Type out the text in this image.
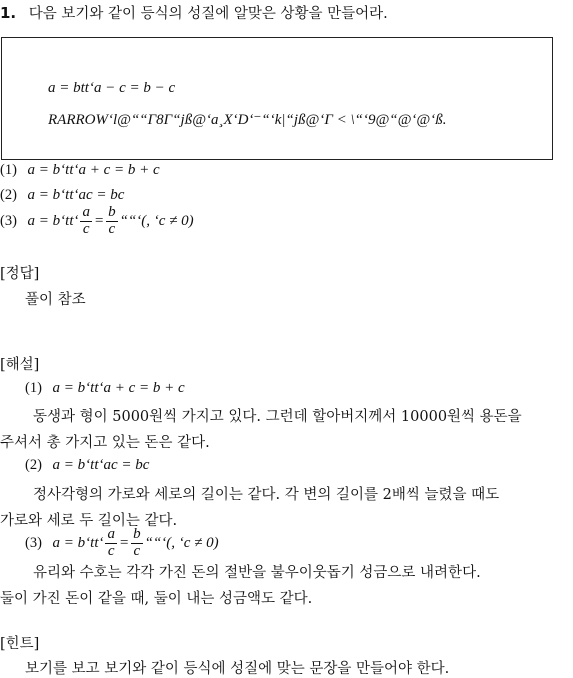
1. 다음 보기와 같이 등식의 성질에 알맞은 상황을 만들어라.
a = btt‘a − c = b − c
RARROW‘l@““Γ8Γ“jß@‘a¸X‘D‘⁻“‘k|“jß@‘Γ < \“‘9@“@‘@‘ß.
(1) a = b‘tt‘a + c = b + c
(2) a = b‘tt‘ac = bc
(3) a = b‘tt‘ $\frac{a}{c} = \frac{b}{c}$ ““‘(, ‘c ≠ 0)
[정답]
풀이 참조
[해설]
(1) a = b‘tt‘a + c = b + c
동생과 형이 5000원씩 가지고 있다. 그런데 할아버지께서 10000원씩 용돈을
주셔서 총 가지고 있는 돈은 같다.
(2) a = b‘tt‘ac = bc
정사각형의 가로와 세로의 길이는 같다. 각 변의 길이를 2배씩 늘렸을 때도
가로와 세로 두 길이는 같다.
(3) a = b‘tt‘ $\frac{a}{c} = \frac{b}{c}$ ““‘(, ‘c ≠ 0)
유리와 수호는 각각 가진 돈의 절반을 불우이웃돕기 성금으로 내려한다.
둘이 가진 돈이 같을 때, 둘이 내는 성금액도 같다.
[힌트]
보기를 보고 보기와 같이 등식에 성질에 맞는 문장을 만들어야 한다.
